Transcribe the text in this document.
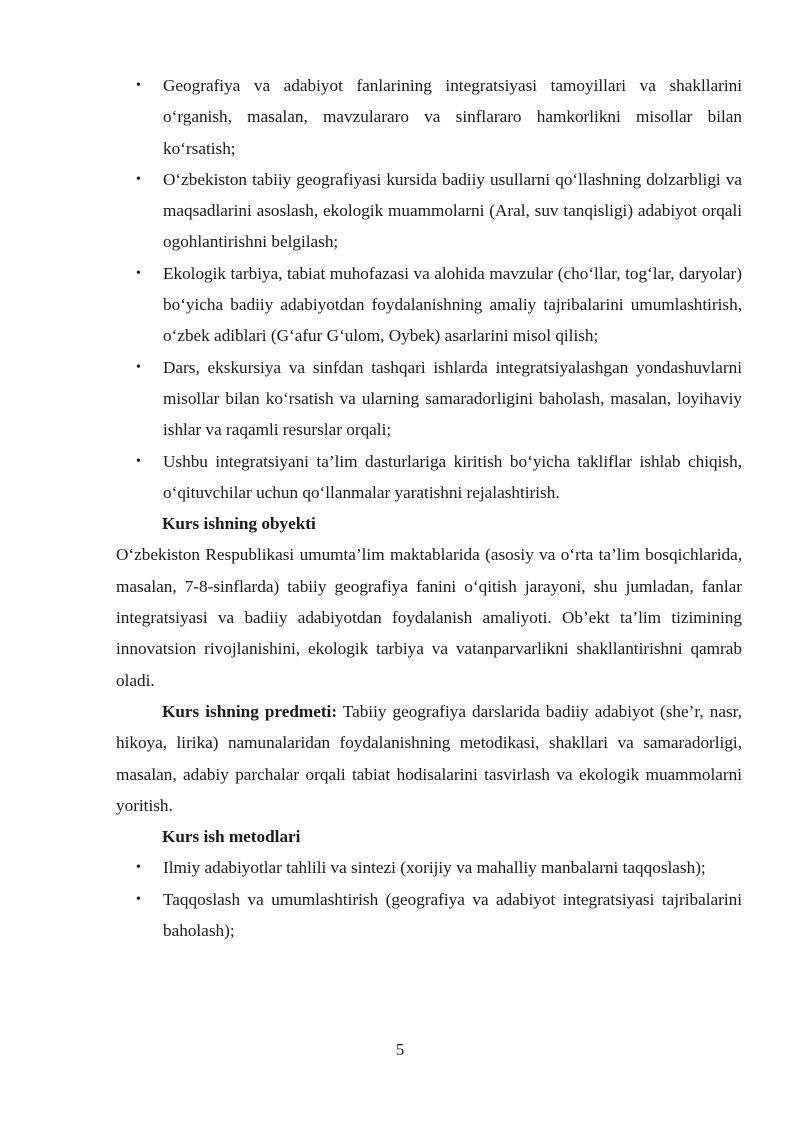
• Geografiya va adabiyot fanlarining integratsiyasi tamoyillari va shakllarini o‘rganish, masalan, mavzulararo va sinflararo hamkorlikni misollar bilan ko‘rsatish;
• O‘zbekiston tabiiy geografiyasi kursida badiiy usullarni qo‘llashning dolzarbligi va maqsadlarini asoslash, ekologik muammolarni (Aral, suv tanqisligi) adabiyot orqali ogohlantirishni belgilash;
• Ekologik tarbiya, tabiat muhofazasi va alohida mavzular (cho‘llar, tog‘lar, daryolar) bo‘yicha badiiy adabiyotdan foydalanishning amaliy tajribalarini umumlashtirish, o‘zbek adiblari (G‘afur G‘ulom, Oybek) asarlarini misol qilish;
• Dars, ekskursiya va sinfdan tashqari ishlarda integratsiyalashgan yondashuvlarni misollar bilan ko‘rsatish va ularning samaradorligini baholash, masalan, loyihaviy ishlar va raqamli resurslar orqali;
• Ushbu integratsiyani ta’lim dasturlariga kiritish bo‘yicha takliflar ishlab chiqish, o‘qituvchilar uchun qo‘llanmalar yaratishni rejalashtirish.

Kurs ishning obyekti

O‘zbekiston Respublikasi umumta’lim maktablarida (asosiy va o‘rta ta’lim bosqichlarida, masalan, 7-8-sinflarda) tabiiy geografiya fanini o‘qitish jarayoni, shu jumladan, fanlar integratsiyasi va badiiy adabiyotdan foydalanish amaliyoti. Ob’ekt ta’lim tizimining innovatsion rivojlanishini, ekologik tarbiya va vatanparvarlikni shakllantirishni qamrab oladi.

Kurs ishning predmeti: Tabiiy geografiya darslarida badiiy adabiyot (she’r, nasr, hikoya, lirika) namunalaridan foydalanishning metodikasi, shakllari va samaradorligi, masalan, adabiy parchalar orqali tabiat hodisalarini tasvirlash va ekologik muammolarni yoritish.

Kurs ish metodlari

• Ilmiy adabiyotlar tahlili va sintezi (xorijiy va mahalliy manbalarni taqqoslash);
• Taqqoslash va umumlashtirish (geografiya va adabiyot integratsiyasi tajribalarini baholash);
5
